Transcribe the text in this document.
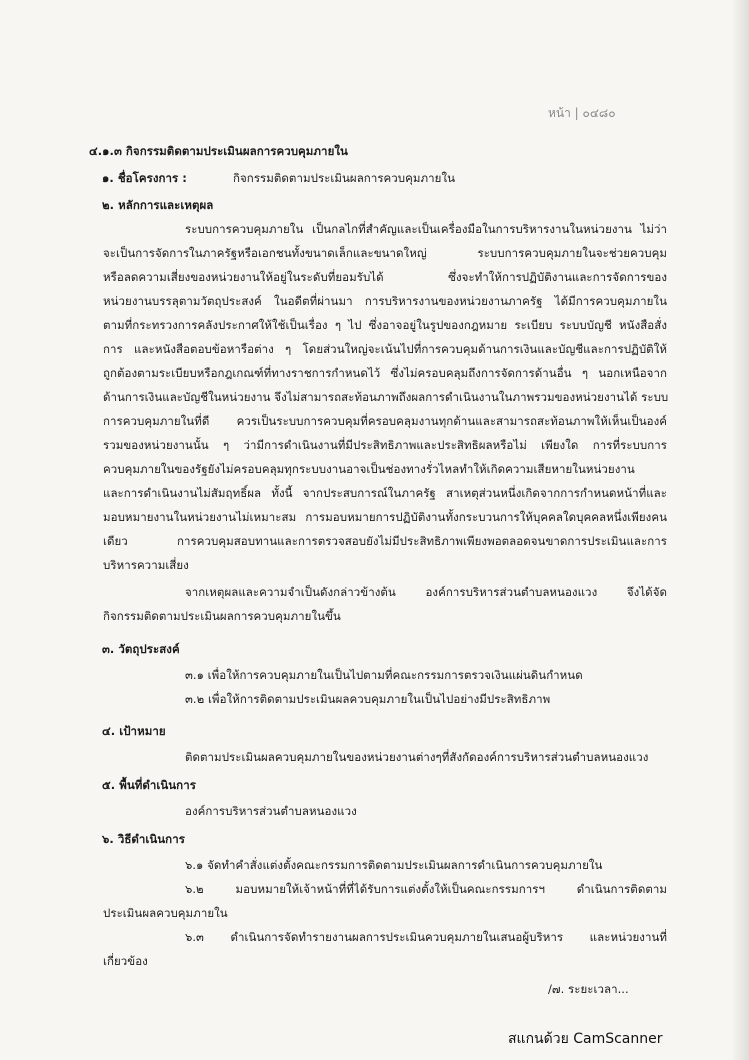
หน้า | ๐๔๘๐
๔.๑.๓ กิจกรรมติดตามประเมินผลการควบคุมภายใน
๑. ชื่อโครงการ :	กิจกรรมติดตามประเมินผลการควบคุมภายใน
๒. หลักการและเหตุผล
ระบบการควบคุมภายใน เป็นกลไกที่สำคัญและเป็นเครื่องมือในการบริหารงานในหน่วยงาน ไม่ว่า
จะเป็นการจัดการในภาครัฐหรือเอกชนทั้งขนาดเล็กและขนาดใหญ่ ระบบการควบคุมภายในจะช่วยควบคุม
หรือลดความเสี่ยงของหน่วยงานให้อยู่ในระดับที่ยอมรับได้ ซึ่งจะทำให้การปฏิบัติงานและการจัดการของ
หน่วยงานบรรลุตามวัตถุประสงค์ ในอดีตที่ผ่านมา การบริหารงานของหน่วยงานภาครัฐ ได้มีการควบคุมภายใน
ตามที่กระทรวงการคลังประกาศให้ใช้เป็นเรื่อง ๆ ไป ซึ่งอาจอยู่ในรูปของกฎหมาย ระเบียบ ระบบบัญชี หนังสือสั่ง
การ และหนังสือตอบข้อหารือต่าง ๆ โดยส่วนใหญ่จะเน้นไปที่การควบคุมด้านการเงินและบัญชีและการปฏิบัติให้
ถูกต้องตามระเบียบหรือกฎเกณฑ์ที่ทางราชการกำหนดไว้ ซึ่งไม่ครอบคลุมถึงการจัดการด้านอื่น ๆ นอกเหนือจาก
ด้านการเงินและบัญชีในหน่วยงาน จึงไม่สามารถสะท้อนภาพถึงผลการดำเนินงานในภาพรวมของหน่วยงานได้ ระบบ
การควบคุมภายในที่ดี ควรเป็นระบบการควบคุมที่ครอบคลุมงานทุกด้านและสามารถสะท้อนภาพให้เห็นเป็นองค์
รวมของหน่วยงานนั้น ๆ ว่ามีการดำเนินงานที่มีประสิทธิภาพและประสิทธิผลหรือไม่ เพียงใด การที่ระบบการ
ควบคุมภายในของรัฐยังไม่ครอบคลุมทุกระบบงานอาจเป็นช่องทางรั่วไหลทำให้เกิดความเสียหายในหน่วยงาน
และการดำเนินงานไม่สัมฤทธิ์ผล ทั้งนี้ จากประสบการณ์ในภาครัฐ สาเหตุส่วนหนึ่งเกิดจากการกำหนดหน้าที่และ
มอบหมายงานในหน่วยงานไม่เหมาะสม การมอบหมายการปฏิบัติงานทั้งกระบวนการให้บุคคลใดบุคคลหนึ่งเพียงคน
เดียว การควบคุมสอบทานและการตรวจสอบยังไม่มีประสิทธิภาพเพียงพอตลอดจนขาดการประเมินและการ
บริหารความเสี่ยง
จากเหตุผลและความจำเป็นดังกล่าวข้างต้น องค์การบริหารส่วนตำบลหนองแวง จึงได้จัด
กิจกรรมติดตามประเมินผลการควบคุมภายในขึ้น
๓. วัตถุประสงค์
๓.๑ เพื่อให้การควบคุมภายในเป็นไปตามที่คณะกรรมการตรวจเงินแผ่นดินกำหนด
๓.๒ เพื่อให้การติดตามประเมินผลควบคุมภายในเป็นไปอย่างมีประสิทธิภาพ
๔. เป้าหมาย
ติดตามประเมินผลควบคุมภายในของหน่วยงานต่างๆที่สังกัดองค์การบริหารส่วนตำบลหนองแวง
๕. พื้นที่ดำเนินการ
องค์การบริหารส่วนตำบลหนองแวง
๖. วิธีดำเนินการ
๖.๑ จัดทำคำสั่งแต่งตั้งคณะกรรมการติดตามประเมินผลการดำเนินการควบคุมภายใน
๖.๒ มอบหมายให้เจ้าหน้าที่ที่ได้รับการแต่งตั้งให้เป็นคณะกรรมการฯ ดำเนินการติดตาม
ประเมินผลควบคุมภายใน
๖.๓ ดำเนินการจัดทำรายงานผลการประเมินควบคุมภายในเสนอผู้บริหาร และหน่วยงานที่
เกี่ยวข้อง
/๗. ระยะเวลา...
สแกนด้วย CamScanner
